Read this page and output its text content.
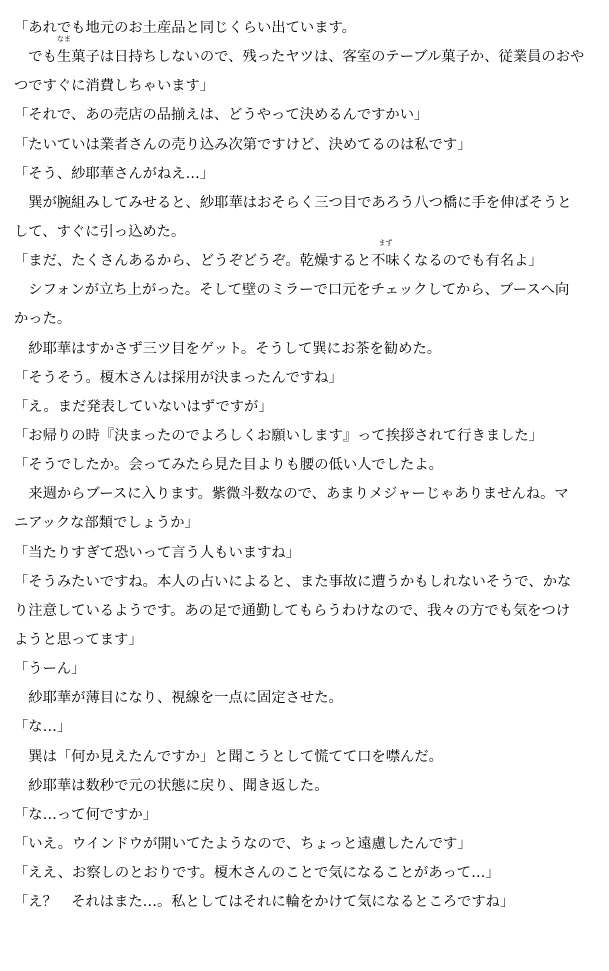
「あれでも地元のお土産品と同じくらい出ています。
　でも
なま
生菓子は日持ちしないので、残ったヤツは、客室のテーブル菓子か、従業員のおや
つですぐに消費しちゃいます」
「それで、あの売店の品揃えは、どうやって決めるんですかい」
「たいていは業者さんの売り込み次第ですけど、決めてるのは私です」
「そう、紗耶華さんがねえ…」
　巽が腕組みしてみせると、紗耶華はおそらく三つ目であろう八つ橋に手を伸ばそうと
して、すぐに引っ込めた。
「まだ、たくさんあるから、どうぞどうぞ。乾燥すると
まず
不味くなるのでも有名よ」
　シフォンが立ち上がった。そして壁のミラーで口元をチェックしてから、ブースへ向
かった。
　紗耶華はすかさず三ツ目をゲット。そうして巽にお茶を勧めた。
「そうそう。榎木さんは採用が決まったんですね」
「え。まだ発表していないはずですが」
「お帰りの時『決まったのでよろしくお願いします』って挨拶されて行きました」
「そうでしたか。会ってみたら見た目よりも腰の低い人でしたよ。
　来週からブースに入ります。紫微斗数なので、あまりメジャーじゃありませんね。マ
ニアックな部類でしょうか」
「当たりすぎて恐いって言う人もいますね」
「そうみたいですね。本人の占いによると、また事故に遭うかもしれないそうで、かな
り注意しているようです。あの足で通勤してもらうわけなので、我々の方でも気をつけ
ようと思ってます」
「うーん」
　紗耶華が薄目になり、視線を一点に固定させた。
「な…」
　巽は「何か見えたんですか」と聞こうとして慌てて口を噤んだ。
　紗耶華は数秒で元の状態に戻り、聞き返した。
「な…って何ですか」
「いえ。ウインドウが開いてたようなので、ちょっと遠慮したんです」
「ええ、お察しのとおりです。榎木さんのことで気になることがあって…」
「え？　それはまた…。私としてはそれに輪をかけて気になるところですね」
